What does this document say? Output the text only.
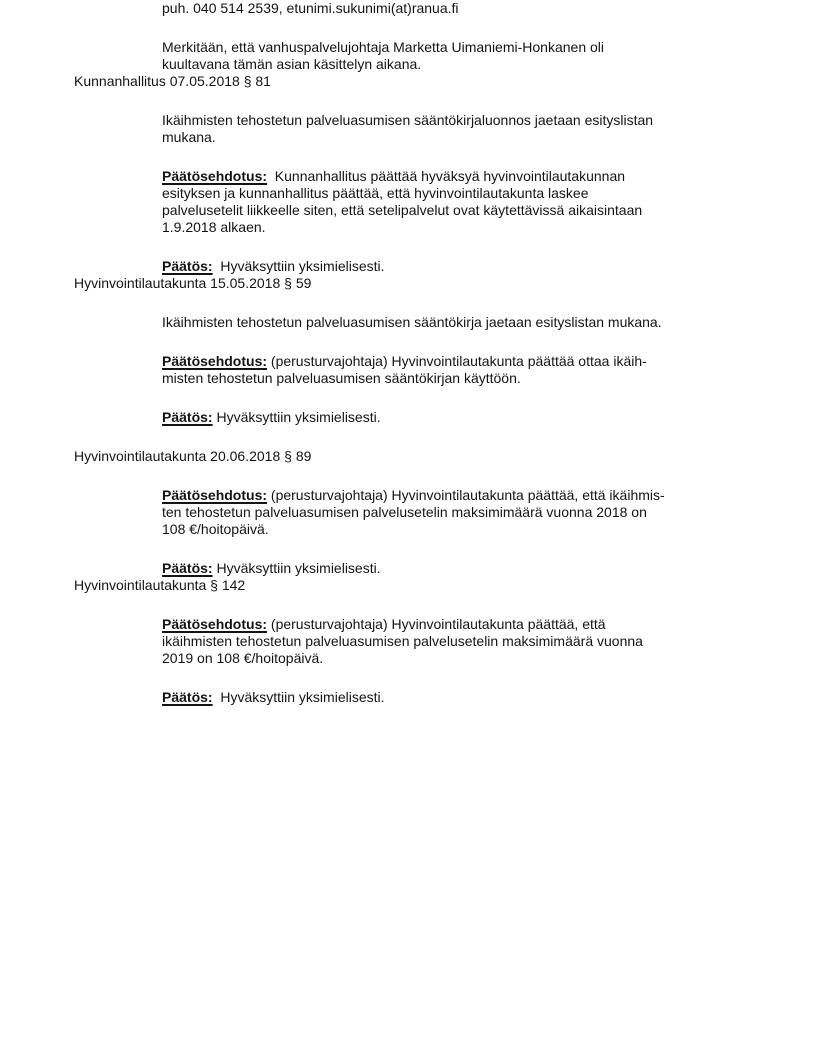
puh. 040 514 2539, etunimi.sukunimi(at)ranua.fi
Merkitään, että vanhuspalvelujohtaja Marketta Uimaniemi-Honkanen oli
kuultavana tämän asian käsittelyn aikana.
Kunnanhallitus 07.05.2018 § 81
Ikäihmisten tehostetun palveluasumisen sääntökirjaluonnos jaetaan esityslistan
mukana.
Päätösehdotus:  Kunnanhallitus päättää hyväksyä hyvinvointilautakunnan
esityksen ja kunnanhallitus päättää, että hyvinvointilautakunta laskee
palvelusetelit liikkeelle siten, että setelipalvelut ovat käytettävissä aikaisintaan
1.9.2018 alkaen.
Päätös:  Hyväksyttiin yksimielisesti.
Hyvinvointilautakunta 15.05.2018 § 59
Ikäihmisten tehostetun palveluasumisen sääntökirja jaetaan esityslistan mukana.
Päätösehdotus: (perusturvajohtaja) Hyvinvointilautakunta päättää ottaa ikäih-
misten tehostetun palveluasumisen sääntökirjan käyttöön.
Päätös: Hyväksyttiin yksimielisesti.
Hyvinvointilautakunta 20.06.2018 § 89
Päätösehdotus: (perusturvajohtaja) Hyvinvointilautakunta päättää, että ikäihmis-
ten tehostetun palveluasumisen palvelusetelin maksimimäärä vuonna 2018 on
108 €/hoitopäivä.
Päätös: Hyväksyttiin yksimielisesti.
Hyvinvointilautakunta § 142
Päätösehdotus: (perusturvajohtaja) Hyvinvointilautakunta päättää, että
ikäihmisten tehostetun palveluasumisen palvelusetelin maksimimäärä vuonna
2019 on 108 €/hoitopäivä.
Päätös:  Hyväksyttiin yksimielisesti.
